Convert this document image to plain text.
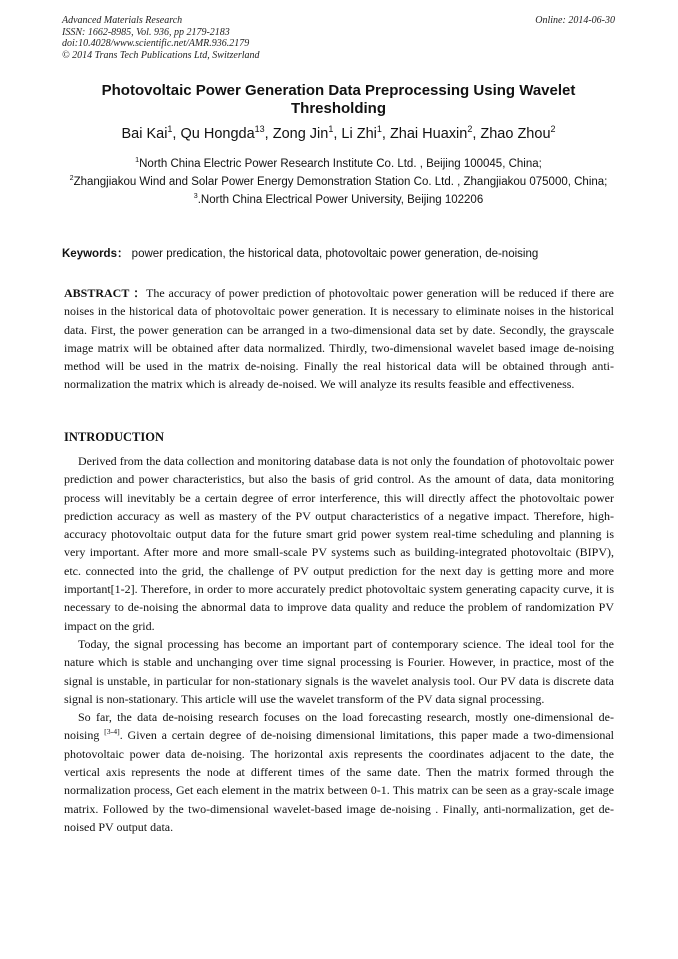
Advanced Materials Research
ISSN: 1662-8985, Vol. 936, pp 2179-2183
doi:10.4028/www.scientific.net/AMR.936.2179
© 2014 Trans Tech Publications Ltd, Switzerland
Online: 2014-06-30
Photovoltaic Power Generation Data Preprocessing Using Wavelet Thresholding
Bai Kai$^1$, Qu Hongda$^{13}$, Zong Jin$^1$, Li Zhi$^1$, Zhai Huaxin$^2$, Zhao Zhou$^2$
$^1$North China Electric Power Research Institute Co. Ltd. , Beijing 100045, China;
$^2$Zhangjiakou Wind and Solar Power Energy Demonstration Station Co. Ltd. , Zhangjiakou 075000, China;
$^3$.North China Electrical Power University, Beijing 102206
Keywords： power predication, the historical data, photovoltaic power generation, de-noising
ABSTRACT ：The accuracy of power prediction of photovoltaic power generation will be reduced if there are noises in the historical data of photovoltaic power generation. It is necessary to eliminate noises in the historical data. First, the power generation can be arranged in a two-dimensional data set by date. Secondly, the grayscale image matrix will be obtained after data normalized. Thirdly, two-dimensional wavelet based image de-noising method will be used in the matrix de-noising. Finally the real historical data will be obtained through anti-normalization the matrix which is already de-noised. We will analyze its results feasible and effectiveness.
INTRODUCTION

Derived from the data collection and monitoring database data is not only the foundation of photovoltaic power prediction and power characteristics, but also the basis of grid control. As the amount of data, data monitoring process will inevitably be a certain degree of error interference, this will directly affect the photovoltaic power prediction accuracy as well as mastery of the PV output characteristics of a negative impact. Therefore, high-accuracy photovoltaic output data for the future smart grid power system real-time scheduling and planning is very important. After more and more small-scale PV systems such as building-integrated photovoltaic (BIPV), etc. connected into the grid, the challenge of PV output prediction for the next day is getting more and more important[1-2]. Therefore, in order to more accurately predict photovoltaic system generating capacity curve, it is necessary to de-noising the abnormal data to improve data quality and reduce the problem of randomization PV impact on the grid.

Today, the signal processing has become an important part of contemporary science. The ideal tool for the nature which is stable and unchanging over time signal processing is Fourier. However, in practice, most of the signal is unstable, in particular for non-stationary signals is the wavelet analysis tool. Our PV data is discrete data signal is non-stationary. This article will use the wavelet transform of the PV data signal processing.

So far, the data de-noising research focuses on the load forecasting research, mostly one-dimensional de-noising [3-4]. Given a certain degree of de-noising dimensional limitations, this paper made a two-dimensional photovoltaic power data de-noising. The horizontal axis represents the coordinates adjacent to the date, the vertical axis represents the node at different times of the same date. Then the matrix formed through the normalization process, Get each element in the matrix between 0-1. This matrix can be seen as a gray-scale image matrix. Followed by the two-dimensional wavelet-based image de-noising . Finally, anti-normalization, get de-noised PV output data.
